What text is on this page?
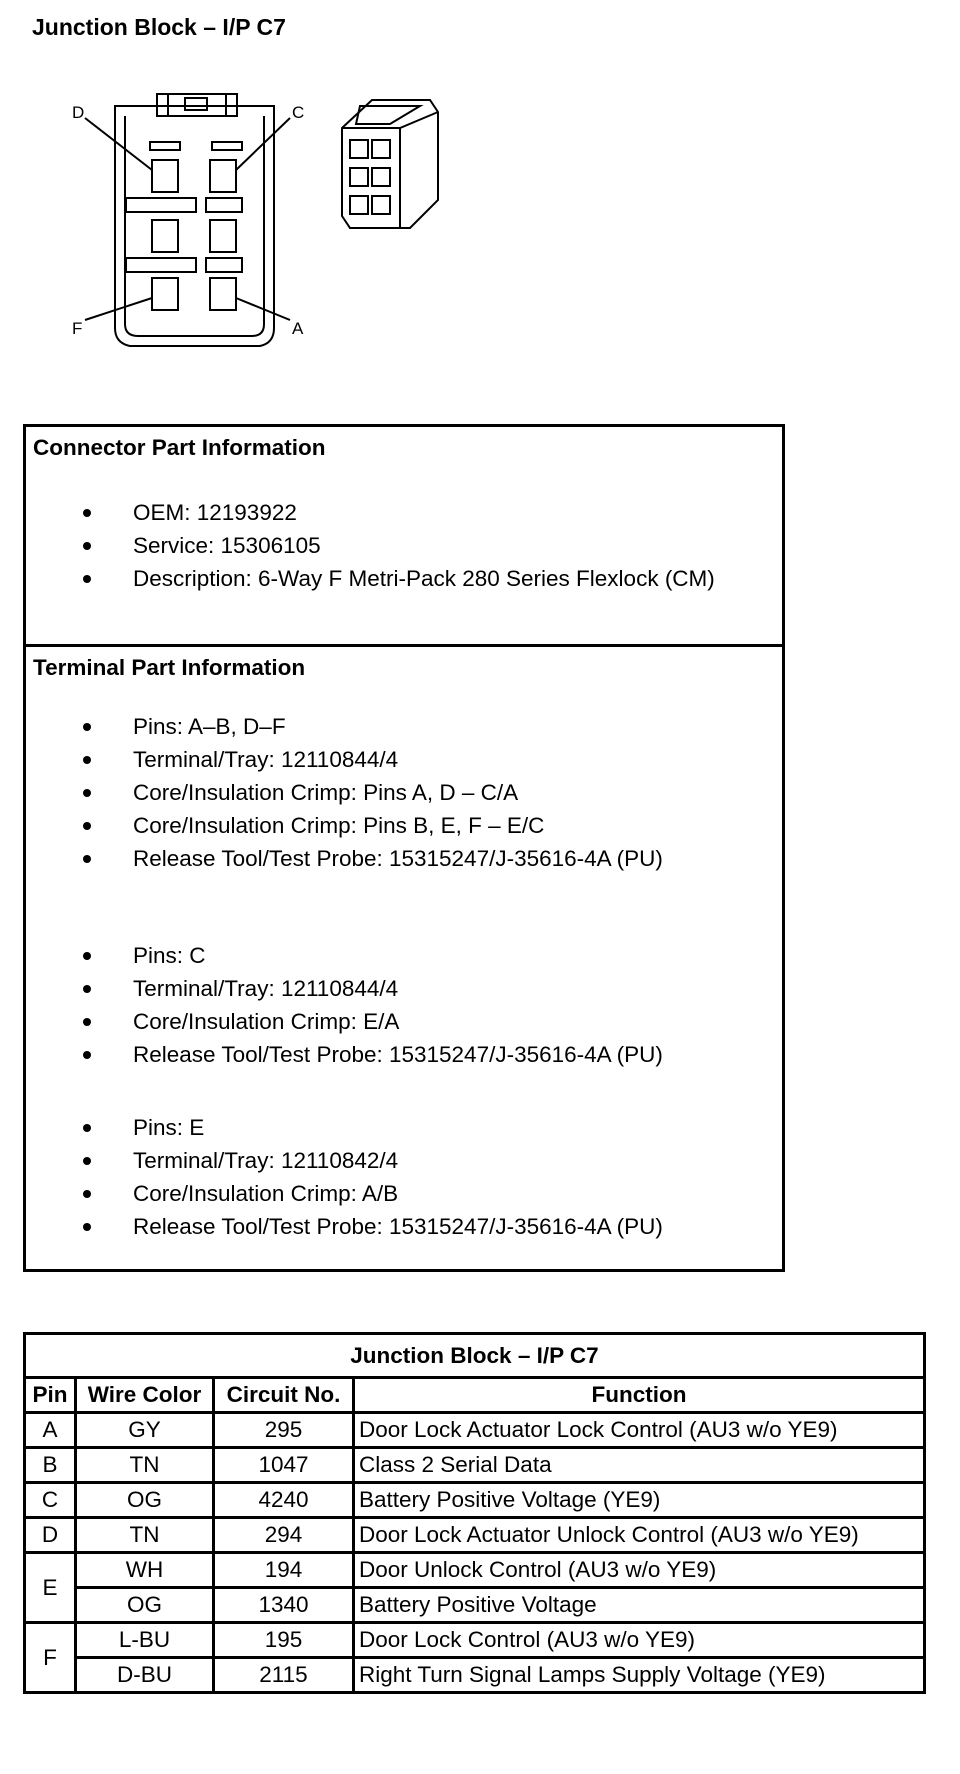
Junction Block – I/P C7
D	C
F	A
Connector Part Information
OEM: 12193922
Service: 15306105
Description: 6-Way F Metri-Pack 280 Series Flexlock (CM)
Terminal Part Information
Pins: A–B, D–F
Terminal/Tray: 12110844/4
Core/Insulation Crimp: Pins A, D – C/A
Core/Insulation Crimp: Pins B, E, F – E/C
Release Tool/Test Probe: 15315247/J-35616-4A (PU)
Pins: C
Terminal/Tray: 12110844/4
Core/Insulation Crimp: E/A
Release Tool/Test Probe: 15315247/J-35616-4A (PU)
Pins: E
Terminal/Tray: 12110842/4
Core/Insulation Crimp: A/B
Release Tool/Test Probe: 15315247/J-35616-4A (PU)
Junction Block – I/P C7			
Pin	Wire Color	Circuit No.	Function
A	GY	295	Door Lock Actuator Lock Control (AU3 w/o YE9)
B	TN	1047	Class 2 Serial Data
C	OG	4240	Battery Positive Voltage (YE9)
D	TN	294	Door Lock Actuator Unlock Control (AU3 w/o YE9)
E	WH	194	Door Unlock Control (AU3 w/o YE9)
	OG	1340	Battery Positive Voltage
F	L-BU	195	Door Lock Control (AU3 w/o YE9)
	D-BU	2115	Right Turn Signal Lamps Supply Voltage (YE9)
